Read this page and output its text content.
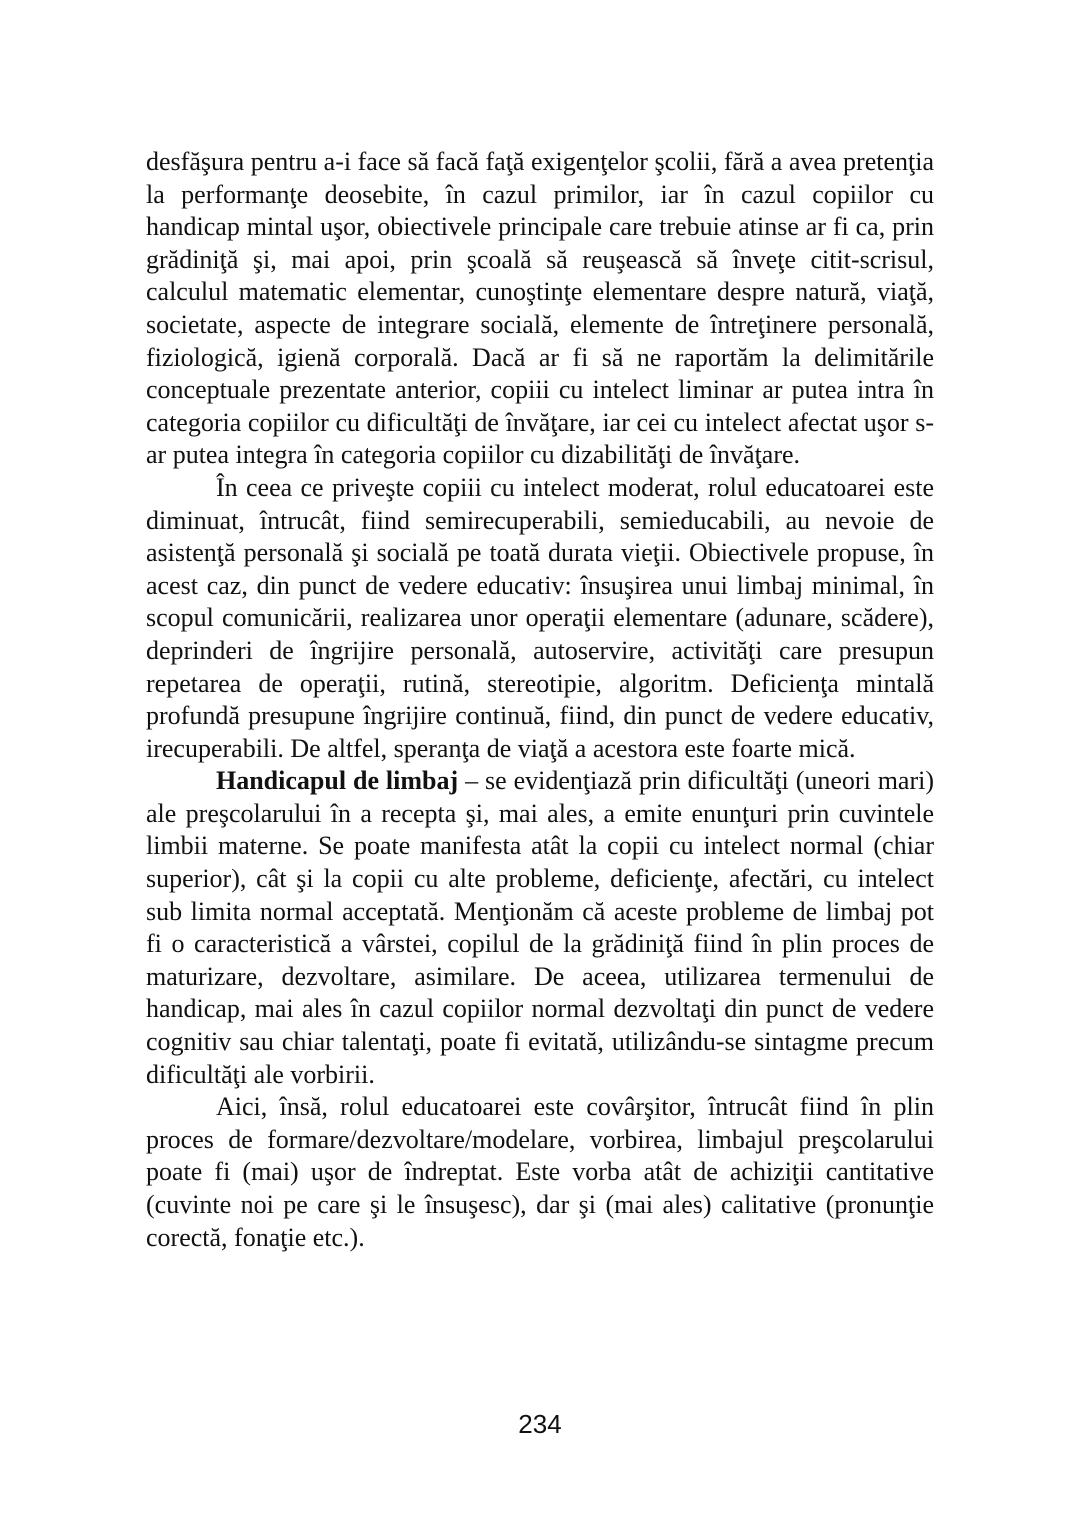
desfăşura pentru a-i face să facă faţă exigenţelor şcolii, fără a avea pretenţia la performanţe deosebite, în cazul primilor, iar în cazul copiilor cu handicap mintal uşor, obiectivele principale care trebuie atinse ar fi ca, prin grădiniţă şi, mai apoi, prin şcoală să reuşească să înveţe citit-scrisul, calculul matematic elementar, cunoştinţe elementare despre natură, viaţă, societate, aspecte de integrare socială, elemente de întreţinere personală, fiziologică, igienă corporală. Dacă ar fi să ne raportăm la delimitările conceptuale prezentate anterior, copiii cu intelect liminar ar putea intra în categoria copiilor cu dificultăţi de învăţare, iar cei cu intelect afectat uşor s-ar putea integra în categoria copiilor cu dizabilităţi de învăţare.

În ceea ce priveşte copiii cu intelect moderat, rolul educatoarei este diminuat, întrucât, fiind semirecuperabili, semieducabili, au nevoie de asistenţă personală şi socială pe toată durata vieţii. Obiectivele propuse, în acest caz, din punct de vedere educativ: însuşirea unui limbaj minimal, în scopul comunicării, realizarea unor operaţii elementare (adunare, scădere), deprinderi de îngrijire personală, autoservire, activităţi care presupun repetarea de operaţii, rutină, stereotipie, algoritm. Deficienţa mintală profundă presupune îngrijire continuă, fiind, din punct de vedere educativ, irecuperabili. De altfel, speranţa de viaţă a acestora este foarte mică.

Handicapul de limbaj – se evidenţiază prin dificultăţi (uneori mari) ale preşcolarului în a recepta şi, mai ales, a emite enunţuri prin cuvintele limbii materne. Se poate manifesta atât la copii cu intelect normal (chiar superior), cât şi la copii cu alte probleme, deficienţe, afectări, cu intelect sub limita normal acceptată. Menţionăm că aceste probleme de limbaj pot fi o caracteristică a vârstei, copilul de la grădiniţă fiind în plin proces de maturizare, dezvoltare, asimilare. De aceea, utilizarea termenului de handicap, mai ales în cazul copiilor normal dezvoltaţi din punct de vedere cognitiv sau chiar talentaţi, poate fi evitată, utilizându-se sintagme precum dificultăţi ale vorbirii.

Aici, însă, rolul educatoarei este covârşitor, întrucât fiind în plin proces de formare/dezvoltare/modelare, vorbirea, limbajul preşcolarului poate fi (mai) uşor de îndreptat. Este vorba atât de achiziţii cantitative (cuvinte noi pe care şi le însuşesc), dar şi (mai ales) calitative (pronunţie corectă, fonaţie etc.).

234
